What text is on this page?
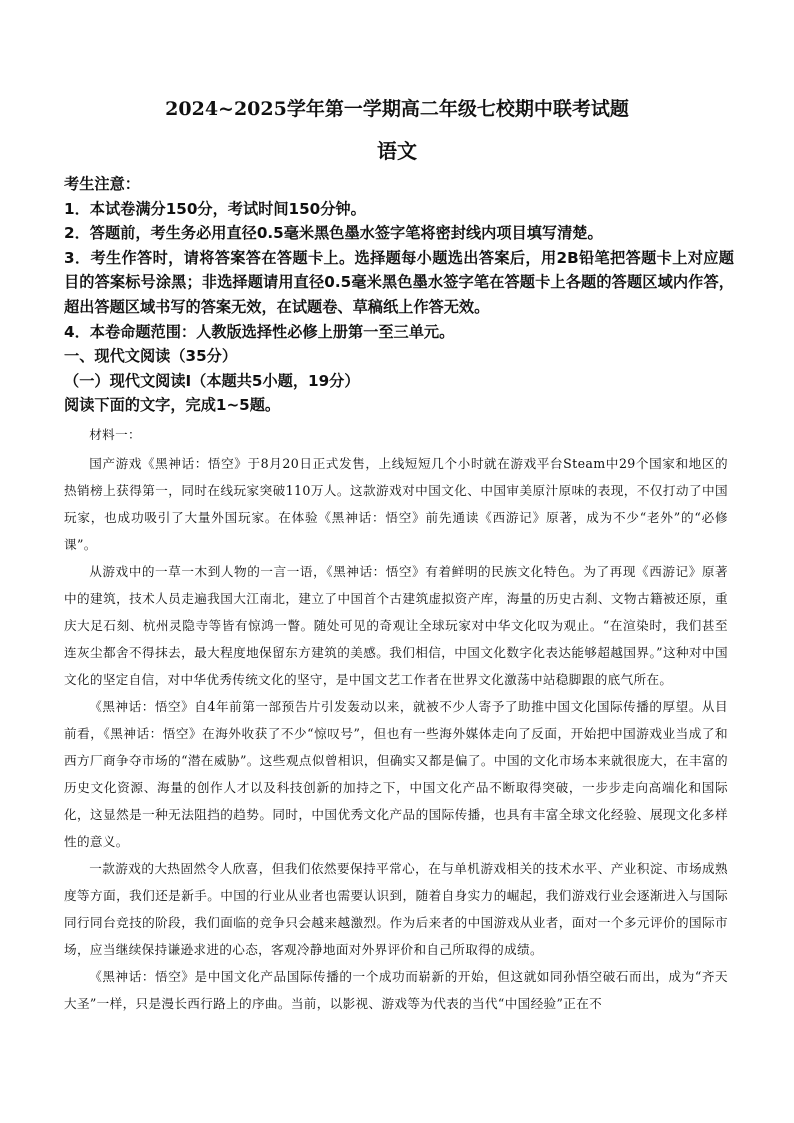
2024~2025学年第一学期高二年级七校期中联考试题
语文

考生注意：

1．本试卷满分150分，考试时间150分钟。

2．答题前，考生务必用直径0.5毫米黑色墨水签字笔将密封线内项目填写清楚。

3．考生作答时，请将答案答在答题卡上。选择题每小题选出答案后，用2B铅笔把答题卡上对应题目的答案标号涂黑；非选择题请用直径0.5毫米黑色墨水签字笔在答题卡上各题的答题区域内作答，超出答题区域书写的答案无效，在试题卷、草稿纸上作答无效。

4．本卷命题范围：人教版选择性必修上册第一至三单元。

一、现代文阅读（35分）

（一）现代文阅读I（本题共5小题，19分）

阅读下面的文字，完成1~5题。

材料一：

国产游戏《黑神话：悟空》于8月20日正式发售，上线短短几个小时就在游戏平台Steam中29个国家和地区的热销榜上获得第一，同时在线玩家突破110万人。这款游戏对中国文化、中国审美原汁原味的表现，不仅打动了中国玩家，也成功吸引了大量外国玩家。在体验《黑神话：悟空》前先通读《西游记》原著，成为不少“老外”的“必修课”。

从游戏中的一草一木到人物的一言一语，《黑神话：悟空》有着鲜明的民族文化特色。为了再现《西游记》原著中的建筑，技术人员走遍我国大江南北，建立了中国首个古建筑虚拟资产库，海量的历史古刹、文物古籍被还原，重庆大足石刻、杭州灵隐寺等皆有惊鸿一瞥。随处可见的奇观让全球玩家对中华文化叹为观止。“在渲染时，我们甚至连灰尘都舍不得抹去，最大程度地保留东方建筑的美感。我们相信，中国文化数字化表达能够超越国界。”这种对中国文化的坚定自信，对中华优秀传统文化的坚守，是中国文艺工作者在世界文化激荡中站稳脚跟的底气所在。

《黑神话：悟空》自4年前第一部预告片引发轰动以来，就被不少人寄予了助推中国文化国际传播的厚望。从目前看，《黑神话：悟空》在海外收获了不少“惊叹号”，但也有一些海外媒体走向了反面，开始把中国游戏业当成了和西方厂商争夺市场的“潜在威胁”。这些观点似曾相识，但确实又都是偏了。中国的文化市场本来就很庞大，在丰富的历史文化资源、海量的创作人才以及科技创新的加持之下，中国文化产品不断取得突破，一步步走向高端化和国际化，这显然是一种无法阻挡的趋势。同时，中国优秀文化产品的国际传播，也具有丰富全球文化经验、展现文化多样性的意义。

一款游戏的大热固然令人欣喜，但我们依然要保持平常心，在与单机游戏相关的技术水平、产业积淀、市场成熟度等方面，我们还是新手。中国的行业从业者也需要认识到，随着自身实力的崛起，我们游戏行业会逐渐进入与国际同行同台竞技的阶段，我们面临的竞争只会越来越激烈。作为后来者的中国游戏从业者，面对一个多元评价的国际市场，应当继续保持谦逊求进的心态，客观冷静地面对外界评价和自己所取得的成绩。

《黑神话：悟空》是中国文化产品国际传播的一个成功而崭新的开始，但这就如同孙悟空破石而出，成为“齐天大圣”一样，只是漫长西行路上的序曲。当前，以影视、游戏等为代表的当代“中国经验”正在不
